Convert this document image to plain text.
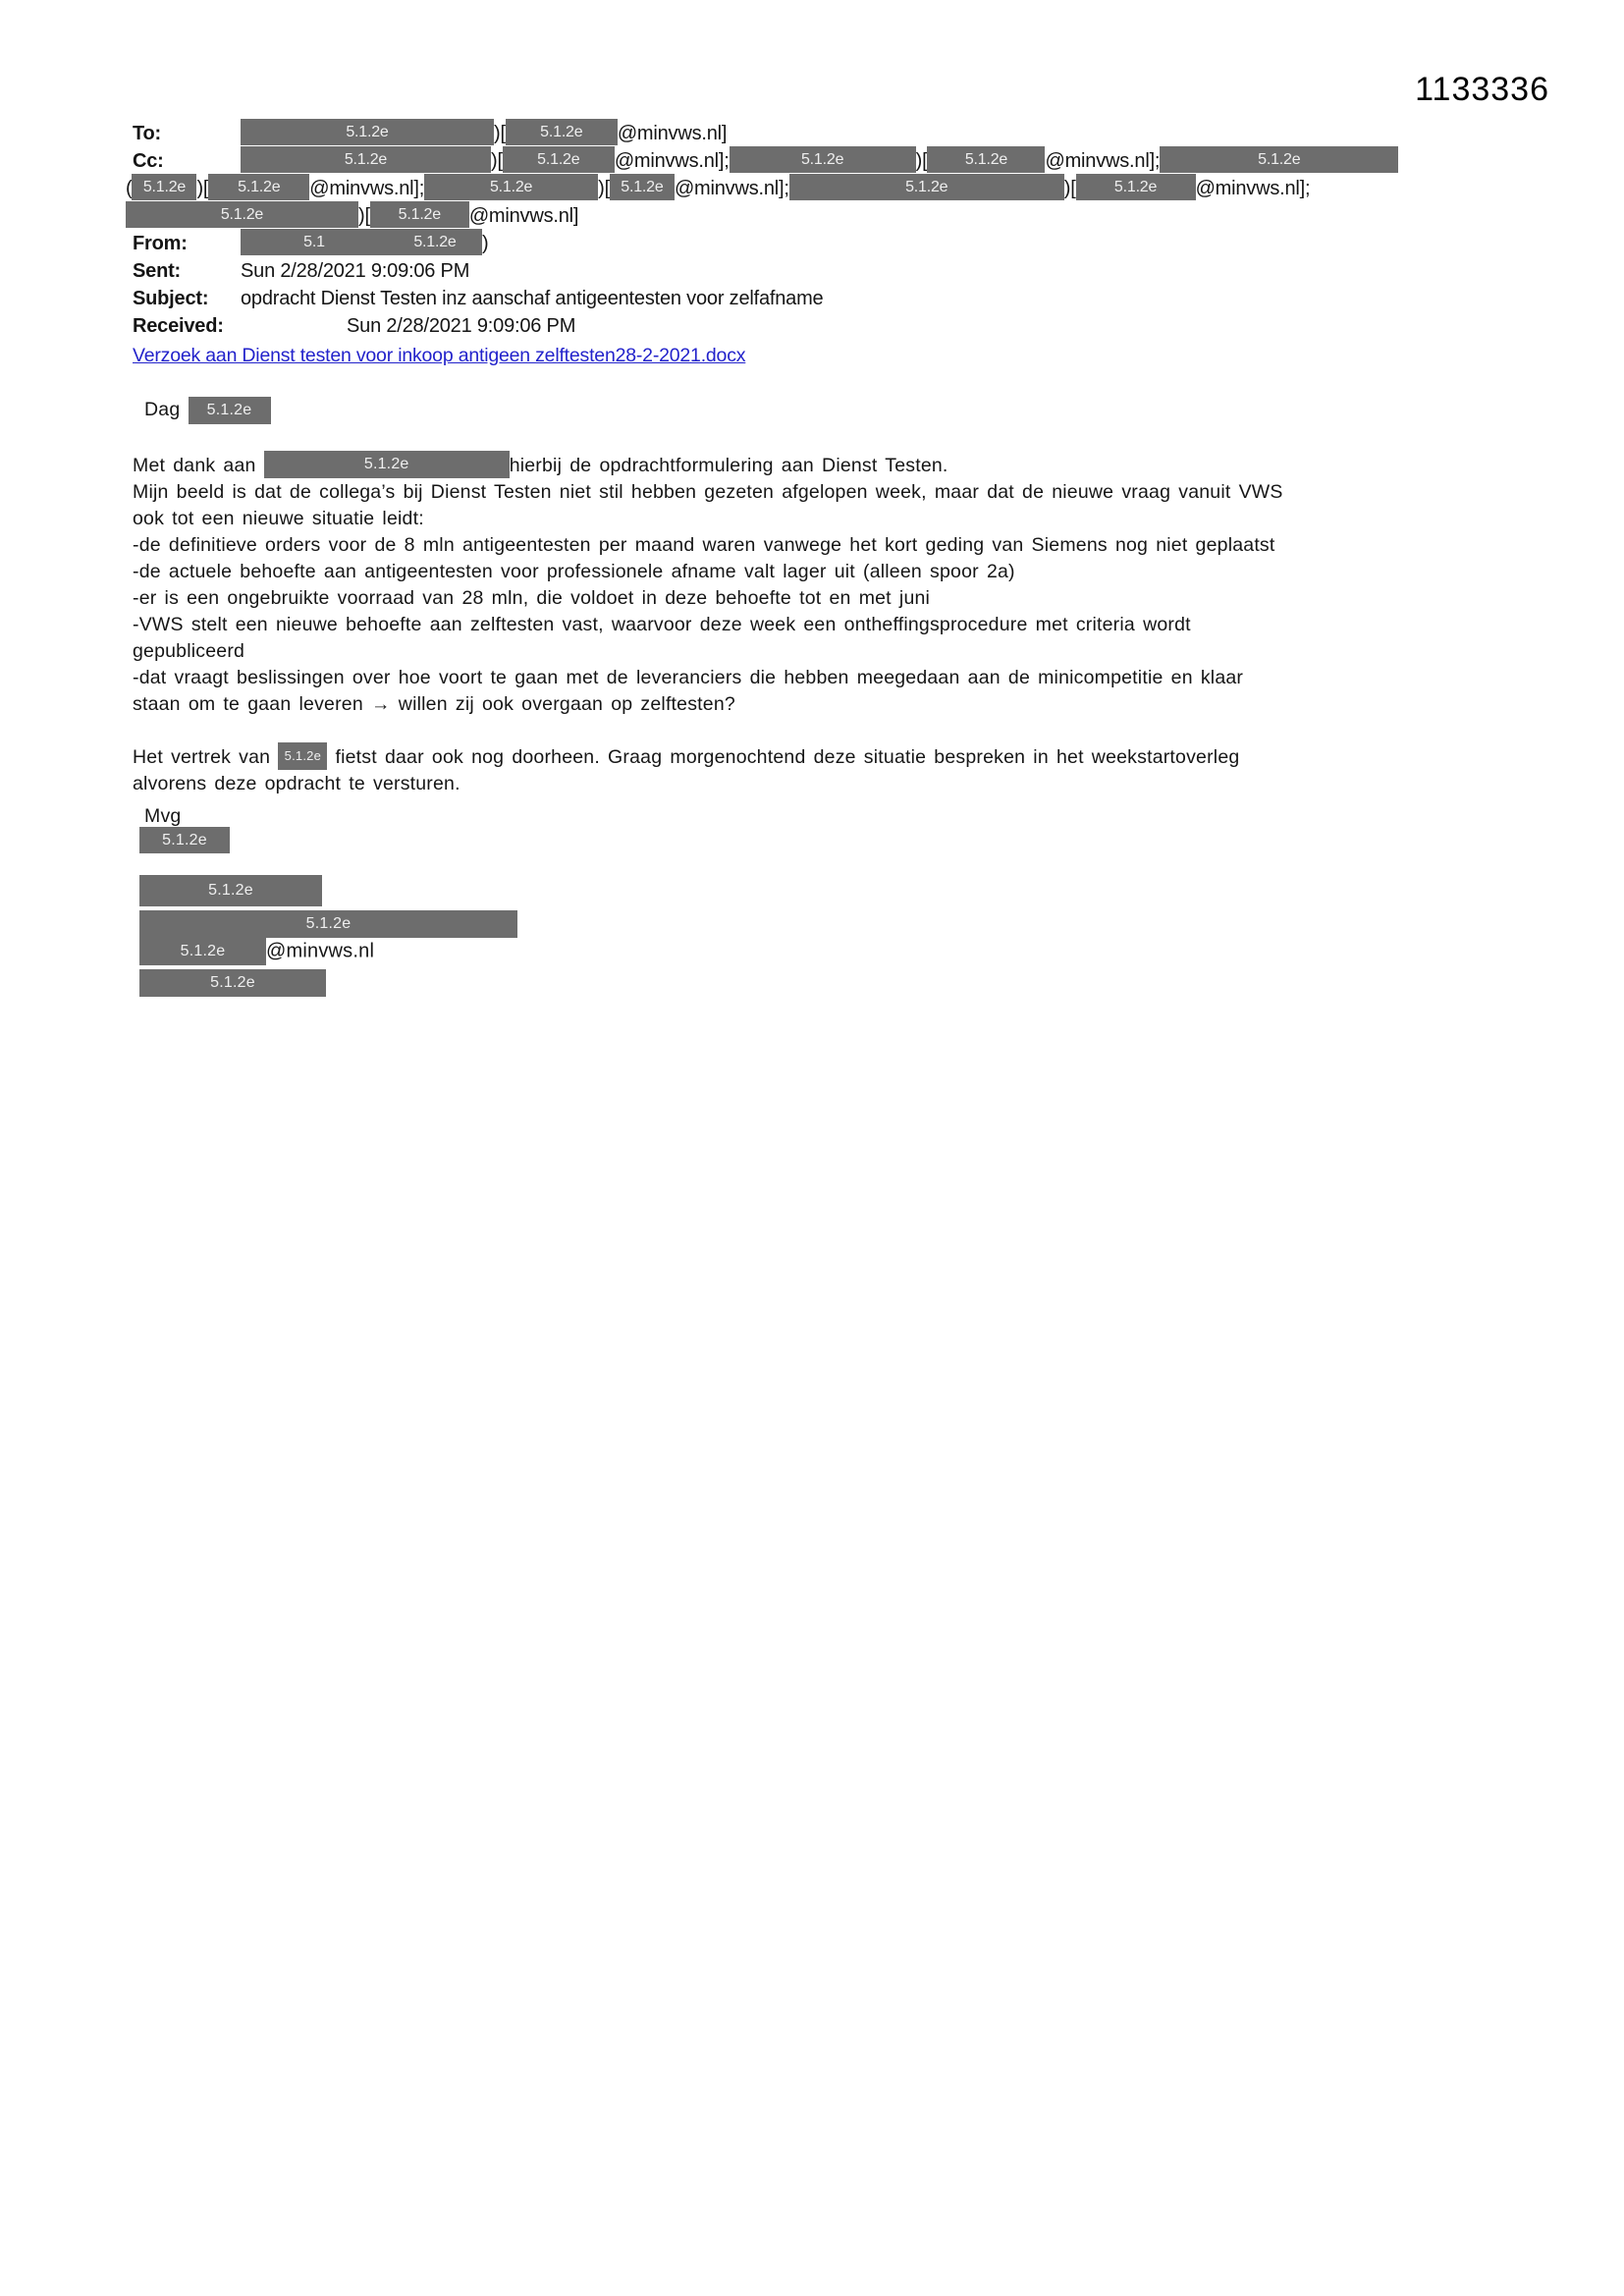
1133336
To:	5.1.2e	)[ 5.1.2e @minvws.nl]
Cc:	5.1.2e	)[ 5.1.2e @minvws.nl];	5.1.2e	)[ 5.1.2e @minvws.nl];	5.1.2e
( 5.1.2e )[ 5.1.2e @minvws.nl];	5.1.2e	)[ 5.1.2e @minvws.nl];	5.1.2e	)[ 5.1.2e @minvws.nl];
5.1.2e	)[ 5.1.2e @minvws.nl]
From:	5.1	5.1.2e )
Sent:	Sun 2/28/2021 9:09:06 PM
Subject: opdracht Dienst Testen inz aanschaf antigeentesten voor zelfafname
Received:	Sun 2/28/2021 9:09:06 PM
Verzoek aan Dienst testen voor inkoop antigeen zelftesten28-2-2021.docx
Dag 5.1.2e
Met dank aan	5.1.2e	hierbij de opdrachtformulering aan Dienst Testen.
Mijn beeld is dat de collega’s bij Dienst Testen niet stil hebben gezeten afgelopen week, maar dat de nieuwe vraag vanuit VWS
ook tot een nieuwe situatie leidt:
-de definitieve orders voor de 8 mln antigeentesten per maand waren vanwege het kort geding van Siemens nog niet geplaatst
-de actuele behoefte aan antigeentesten voor professionele afname valt lager uit (alleen spoor 2a)
-er is een ongebruikte voorraad van 28 mln, die voldoet in deze behoefte tot en met juni
-VWS stelt een nieuwe behoefte aan zelftesten vast, waarvoor deze week een ontheffingsprocedure met criteria wordt
gepubliceerd
-dat vraagt beslissingen over hoe voort te gaan met de leveranciers die hebben meegedaan aan de minicompetitie en klaar
staan om te gaan leveren → willen zij ook overgaan op zelftesten?
Het vertrek van 5.1.2e fietst daar ook nog doorheen. Graag morgenochtend deze situatie bespreken in het weekstartoverleg
alvorens deze opdracht te versturen.
Mvg
5.1.2e
5.1.2e
5.1.2e
5.1.2e @minvws.nl
5.1.2e
